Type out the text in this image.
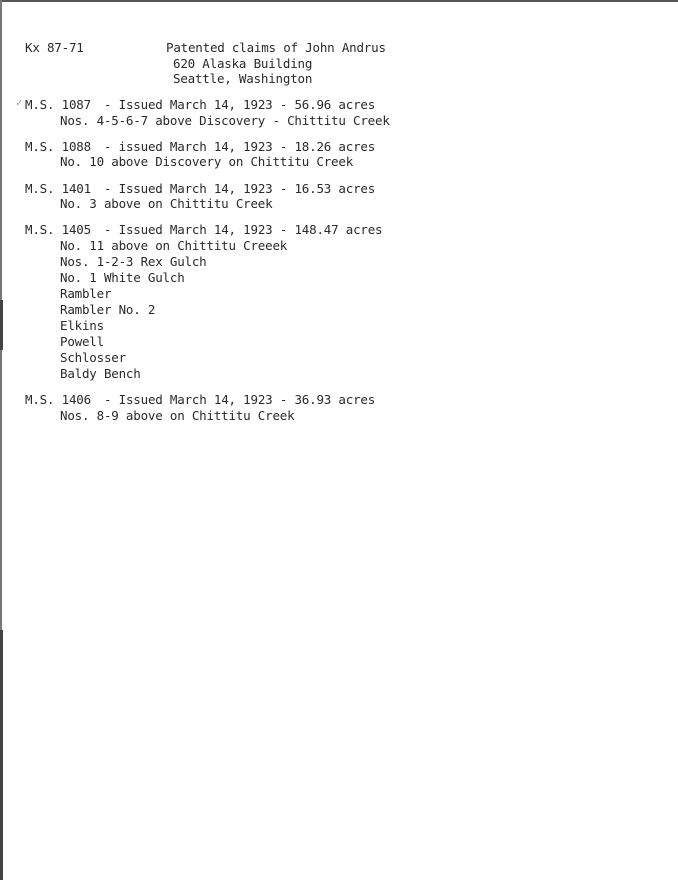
Kx 87-71	Patented claims of John Andrus
620 Alaska Building
Seattle, Washington
✓ M.S. 1087 - Issued March 14, 1923 - 56.96 acres
Nos. 4-5-6-7 above Discovery - Chittitu Creek
M.S. 1088 - issued March 14, 1923 - 18.26 acres
No. 10 above Discovery on Chittitu Creek
M.S. 1401 - Issued March 14, 1923 - 16.53 acres
No. 3 above on Chittitu Creek
M.S. 1405 - Issued March 14, 1923 - 148.47 acres
No. 11 above on Chittitu Creeek
Nos. 1-2-3 Rex Gulch
No. 1 White Gulch
Rambler
Rambler No. 2
Elkins
Powell
Schlosser
Baldy Bench
M.S. 1406 - Issued March 14, 1923 - 36.93 acres
Nos. 8-9 above on Chittitu Creek
